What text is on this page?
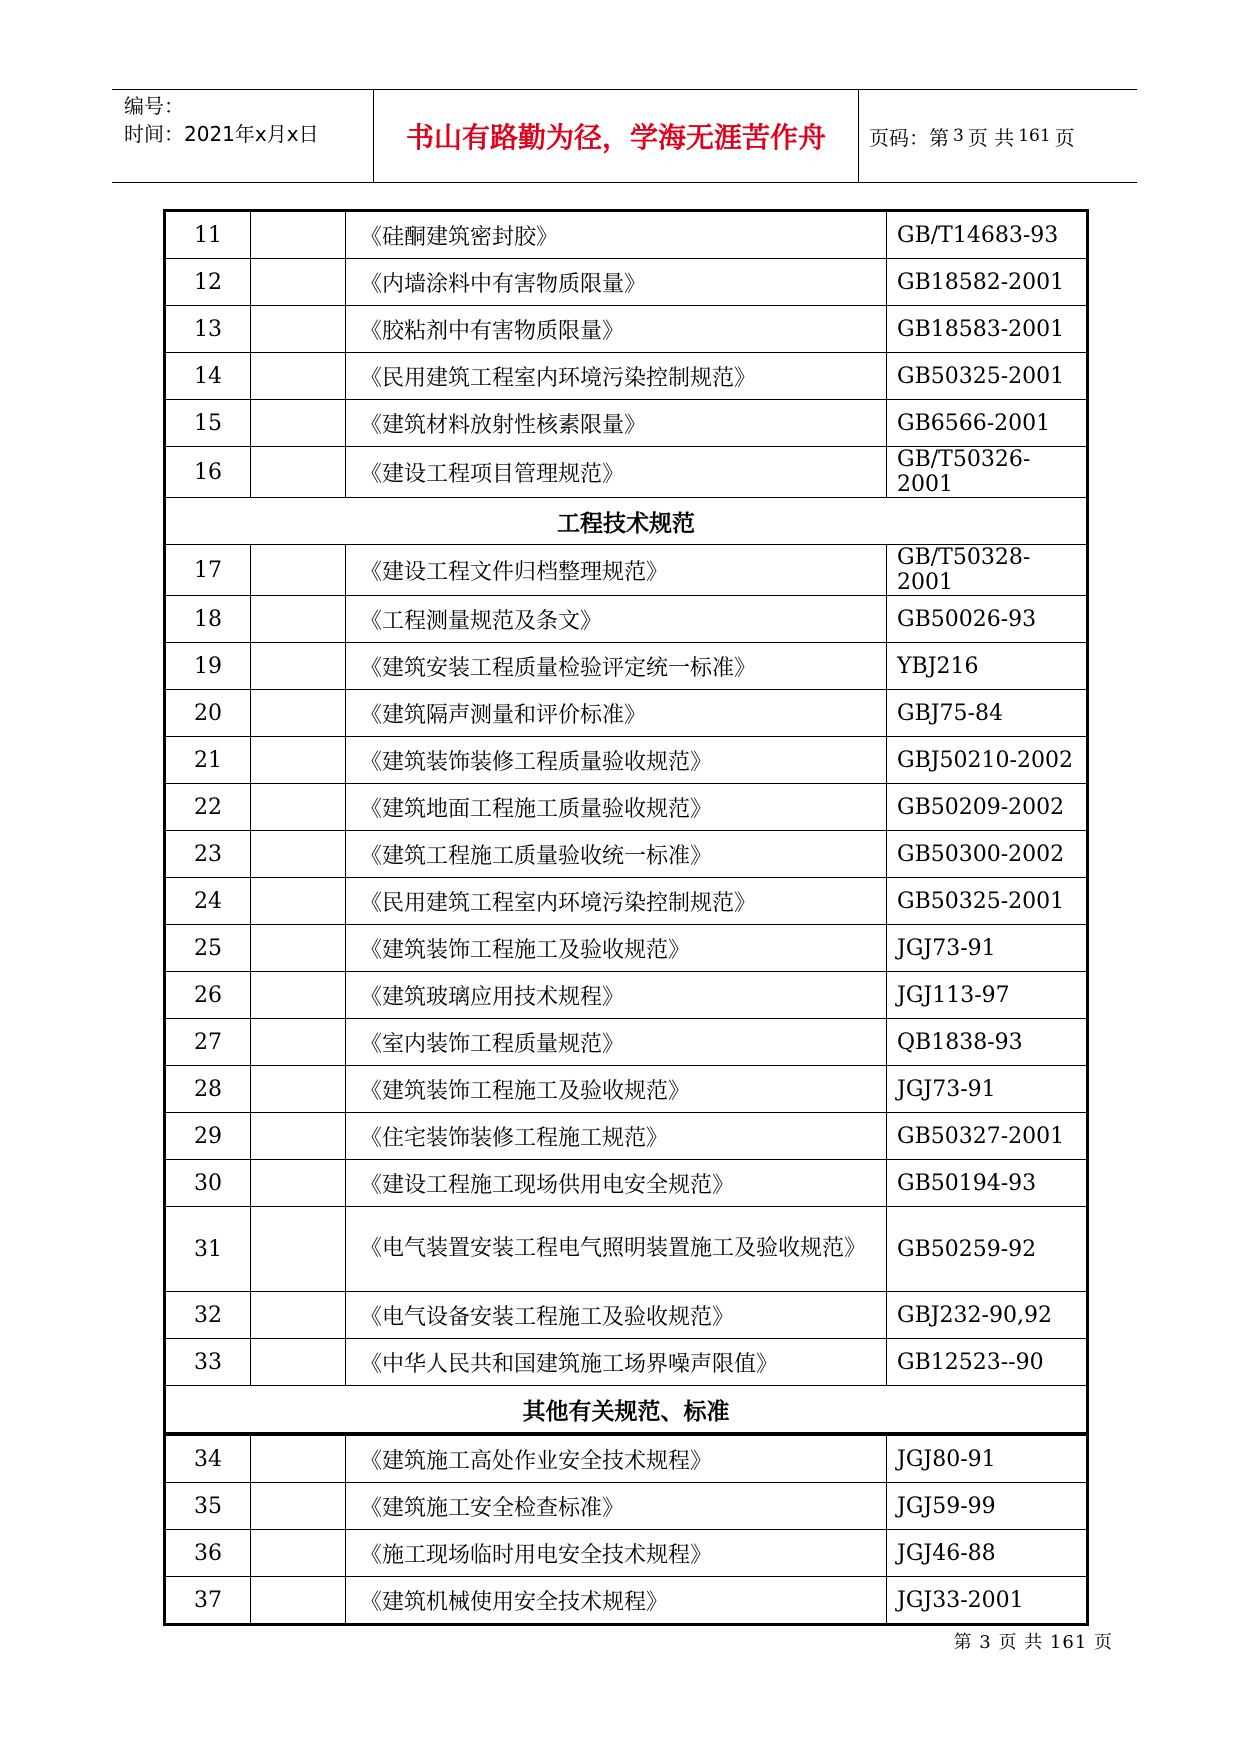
编号：
时间：2021年x月x日	书山有路勤为径，学海无涯苦作舟	页码：第 3 页 共 161 页
11		《硅酮建筑密封胶》	GB/T14683-93
12		《内墙涂料中有害物质限量》	GB18582-2001
13		《胶粘剂中有害物质限量》	GB18583-2001
14		《民用建筑工程室内环境污染控制规范》	GB50325-2001
15		《建筑材料放射性核素限量》	GB6566-2001
16		《建设工程项目管理规范》	GB/T50326-2001
工程技术规范			
17		《建设工程文件归档整理规范》	GB/T50328-2001
18		《工程测量规范及条文》	GB50026-93
19		《建筑安装工程质量检验评定统一标准》	YBJ216
20		《建筑隔声测量和评价标准》	GBJ75-84
21		《建筑装饰装修工程质量验收规范》	GBJ50210-2002
22		《建筑地面工程施工质量验收规范》	GB50209-2002
23		《建筑工程施工质量验收统一标准》	GB50300-2002
24		《民用建筑工程室内环境污染控制规范》	GB50325-2001
25		《建筑装饰工程施工及验收规范》	JGJ73-91
26		《建筑玻璃应用技术规程》	JGJ113-97
27		《室内装饰工程质量规范》	QB1838-93
28		《建筑装饰工程施工及验收规范》	JGJ73-91
29		《住宅装饰装修工程施工规范》	GB50327-2001
30		《建设工程施工现场供用电安全规范》	GB50194-93
31		《电气装置安装工程电气照明装置施工及验收规范》	GB50259-92
32		《电气设备安装工程施工及验收规范》	GBJ232-90,92
33		《中华人民共和国建筑施工场界噪声限值》	GB12523--90
其他有关规范、标准			
34		《建筑施工高处作业安全技术规程》	JGJ80-91
35		《建筑施工安全检查标准》	JGJ59-99
36		《施工现场临时用电安全技术规程》	JGJ46-88
37		《建筑机械使用安全技术规程》	JGJ33-2001
第 3 页 共 161 页
